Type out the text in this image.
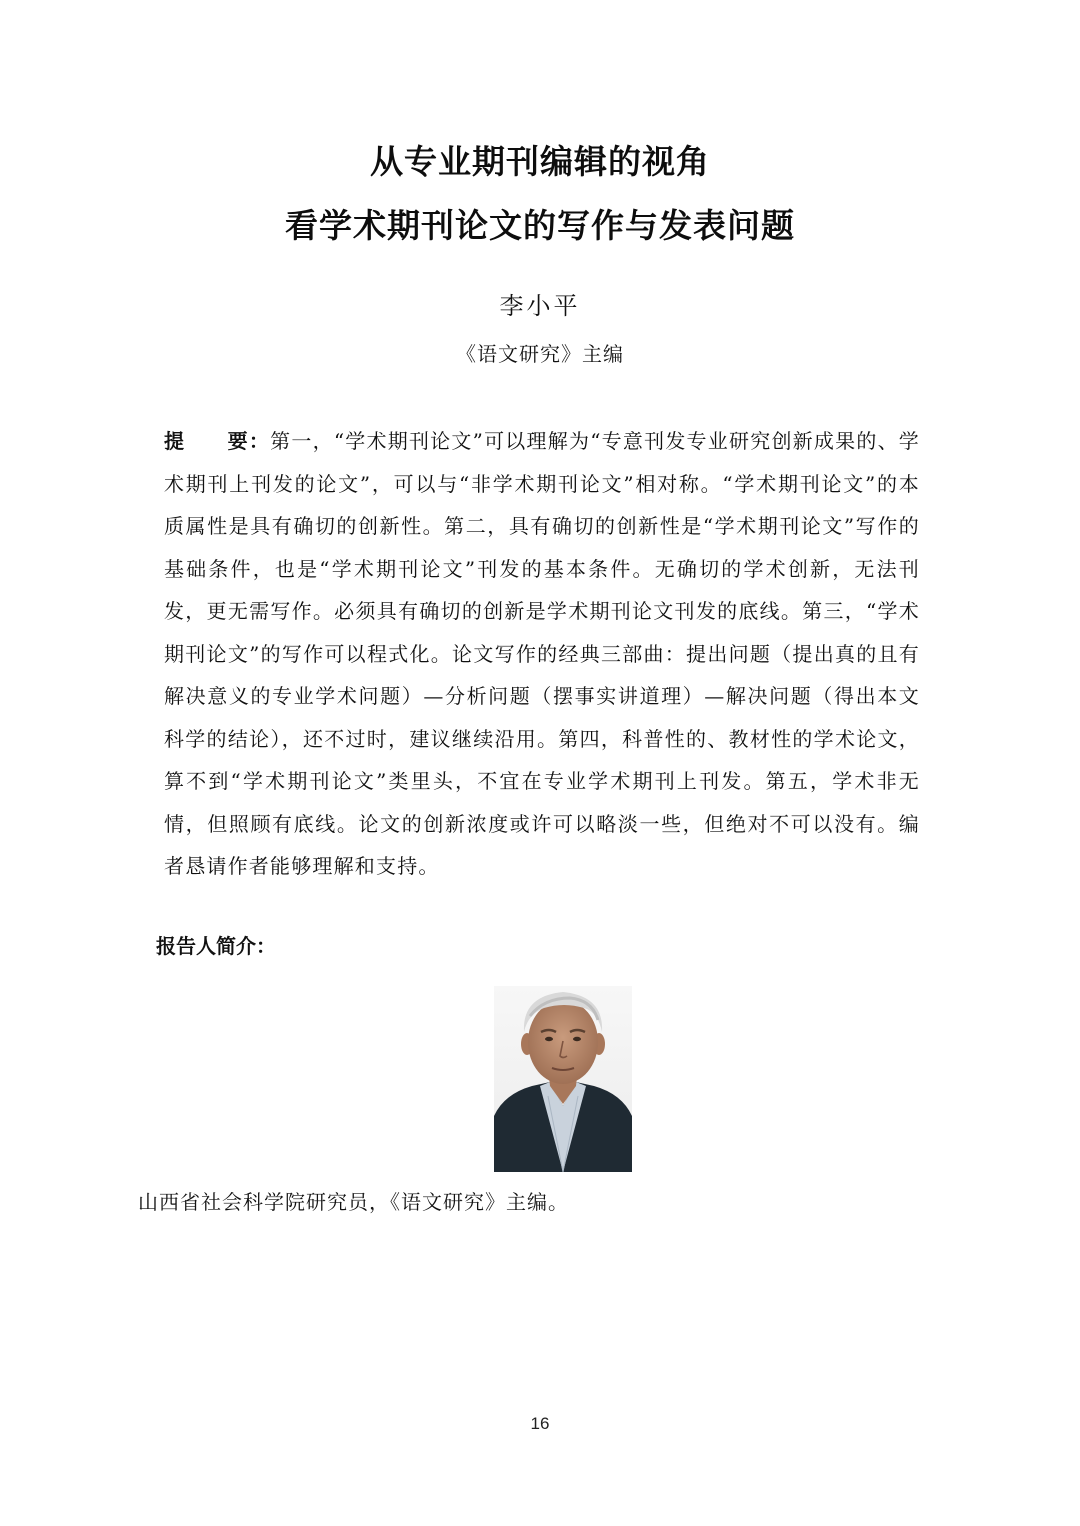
从专业期刊编辑的视角
看学术期刊论文的写作与发表问题
李小平
《语文研究》主编
提　　要：第一，“学术期刊论文”可以理解为“专意刊发专业研究创新成果的、学术期刊上刊发的论文”，可以与“非学术期刊论文”相对称。“学术期刊论文”的本质属性是具有确切的创新性。第二，具有确切的创新性是“学术期刊论文”写作的基础条件，也是“学术期刊论文”刊发的基本条件。无确切的学术创新，无法刊发，更无需写作。必须具有确切的创新是学术期刊论文刊发的底线。第三，“学术期刊论文”的写作可以程式化。论文写作的经典三部曲：提出问题（提出真的且有解决意义的专业学术问题）—分析问题（摆事实讲道理）—解决问题（得出本文科学的结论），还不过时，建议继续沿用。第四，科普性的、教材性的学术论文，算不到“学术期刊论文”类里头，不宜在专业学术期刊上刊发。第五，学术非无情，但照顾有底线。论文的创新浓度或许可以略淡一些，但绝对不可以没有。编者恳请作者能够理解和支持。
报告人简介：
山西省社会科学院研究员，《语文研究》主编。
16
